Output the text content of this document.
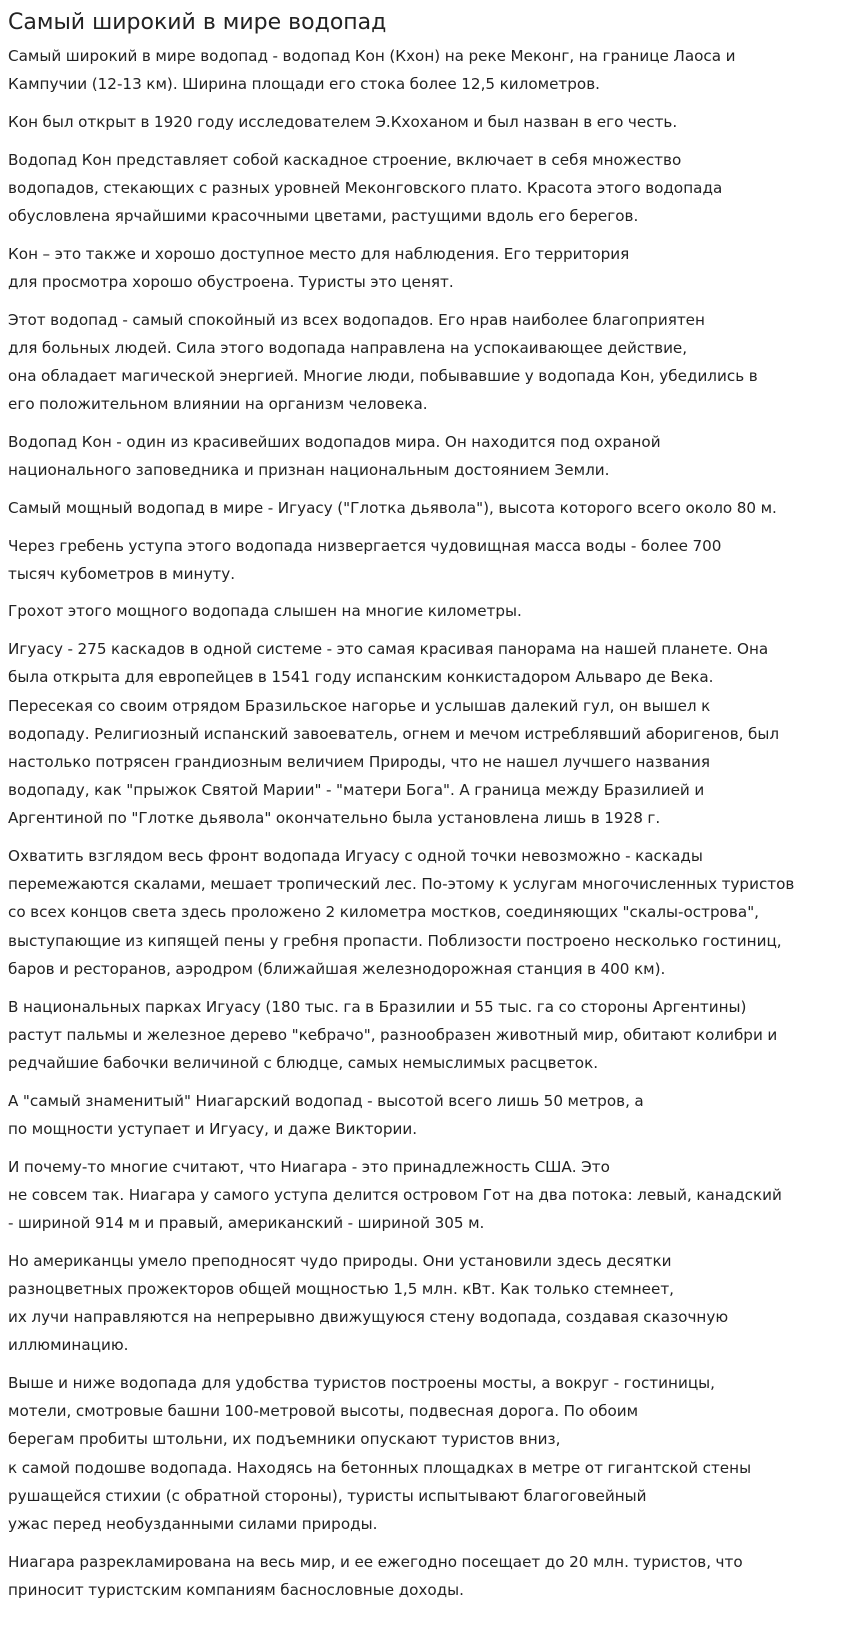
Самый широкий в мире водопад

Самый широкий в мире водопад - водопад Кон (Кхон) на реке Меконг, на границе Лаоса и
Кампучии (12-13 км). Ширина площади его стока более 12,5 километров.

Кон был открыт в 1920 году исследователем Э.Кхоханом и был назван в его честь.

Водопад Кон представляет собой каскадное строение, включает в себя множество
водопадов, стекающих с разных уровней Меконговского плато. Красота этого водопада
обусловлена ярчайшими красочными цветами, растущими вдоль его берегов.

Кон – это также и хорошо доступное место для наблюдения. Его территория
для просмотра хорошо обустроена. Туристы это ценят.

Этот водопад - самый спокойный из всех водопадов. Его нрав наиболее благоприятен
для больных людей. Сила этого водопада направлена на успокаивающее действие,
она обладает магической энергией. Многие люди, побывавшие у водопада Кон, убедились в
его положительном влиянии на организм человека.

Водопад Кон - один из красивейших водопадов мира. Он находится под охраной
национального заповедника и признан национальным достоянием Земли.

Самый мощный водопад в мире - Игуасу ("Глотка дьявола"), высота которого всего около 80 м.

Через гребень уступа этого водопада низвергается чудовищная масса воды - более 700
тысяч кубометров в минуту.

Грохот этого мощного водопада слышен на многие километры.

Игуасу - 275 каскадов в одной системе - это самая красивая панорама на нашей планете. Она
была открыта для европейцев в 1541 году испанским конкистадором Альваро де Века.
Пересекая со своим отрядом Бразильское нагорье и услышав далекий гул, он вышел к
водопаду. Религиозный испанский завоеватель, огнем и мечом истреблявший аборигенов, был
настолько потрясен грандиозным величием Природы, что не нашел лучшего названия
водопаду, как "прыжок Святой Марии" - "матери Бога". А граница между Бразилией и
Аргентиной по "Глотке дьявола" окончательно была установлена лишь в 1928 г.

Охватить взглядом весь фронт водопада Игуасу с одной точки невозможно - каскады
перемежаются скалами, мешает тропический лес. По-этому к услугам многочисленных туристов
со всех концов света здесь проложено 2 километра мостков, соединяющих "скалы-острова",
выступающие из кипящей пены у гребня пропасти. Поблизости построено несколько гостиниц,
баров и ресторанов, аэродром (ближайшая железнодорожная станция в 400 км).

В национальных парках Игуасу (180 тыс. га в Бразилии и 55 тыс. га со стороны Аргентины)
растут пальмы и железное дерево "кебрачо", разнообразен животный мир, обитают колибри и
редчайшие бабочки величиной с блюдце, самых немыслимых расцветок.

А "самый знаменитый" Ниагарский водопад - высотой всего лишь 50 метров, а
по мощности уступает и Игуасу, и даже Виктории.

И почему-то многие считают, что Ниагара - это принадлежность США. Это
не совсем так. Ниагара у самого уступа делится островом Гот на два потока: левый, канадский
- шириной 914 м и правый, американский - шириной 305 м.

Но американцы умело преподносят чудо природы. Они установили здесь десятки
разноцветных прожекторов общей мощностью 1,5 млн. кВт. Как только стемнеет,
их лучи направляются на непрерывно движущуюся стену водопада, создавая сказочную
иллюминацию.

Выше и ниже водопада для удобства туристов построены мосты, а вокруг - гостиницы,
мотели, смотровые башни 100-метровой высоты, подвесная дорога. По обоим
берегам пробиты штольни, их подъемники опускают туристов вниз,
к самой подошве водопада. Находясь на бетонных площадках в метре от гигантской стены
рушащейся стихии (с обратной стороны), туристы испытывают благоговейный
ужас перед необузданными силами природы.

Ниагара разрекламирована на весь мир, и ее ежегодно посещает до 20 млн. туристов, что
приносит туристским компаниям баснословные доходы.
